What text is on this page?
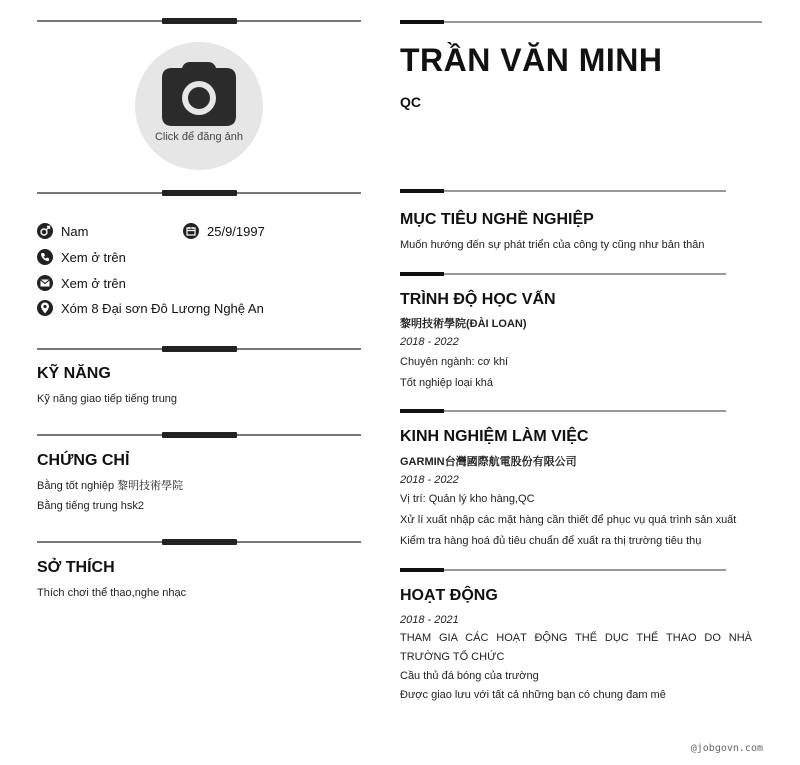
Click để đăng ảnh
Nam	25/9/1997
Xem ở trên
Xem ở trên
Xóm 8 Đại sơn Đô Lương Nghệ An
KỸ NĂNG
Kỹ năng giao tiếp tiếng trung
CHỨNG CHỈ
Bằng tốt nghiệp 黎明技術學院
Bằng tiếng trung hsk2
SỞ THÍCH
Thích chơi thể thao,nghe nhạc
TRẦN VĂN MINH
QC
MỤC TIÊU NGHỀ NGHIỆP
Muốn hướng đến sự phát triển của công ty cũng như bản thân
TRÌNH ĐỘ HỌC VẤN
黎明技術學院(ĐÀI LOAN)
2018 - 2022
Chuyên ngành: cơ khí
Tốt nghiệp loại khá
KINH NGHIỆM LÀM VIỆC
GARMIN台灣國際航電股份有限公司
2018 - 2022
Vị trí: Quản lý kho hàng,QC
Xử lí xuất nhập các mặt hàng cần thiết để phục vụ quá trình sản xuất
Kiểm tra hàng hoá đủ tiêu chuẩn để xuất ra thị trường tiêu thụ
HOẠT ĐỘNG
2018 - 2021
THAM GIA CÁC HOẠT ĐỘNG THỂ DỤC THỂ THAO DO NHÀ TRƯỜNG TỔ CHỨC
Cầu thủ đá bóng của trường
Được giao lưu với tất cả những bạn có chung đam mê
@jobgovn.com
